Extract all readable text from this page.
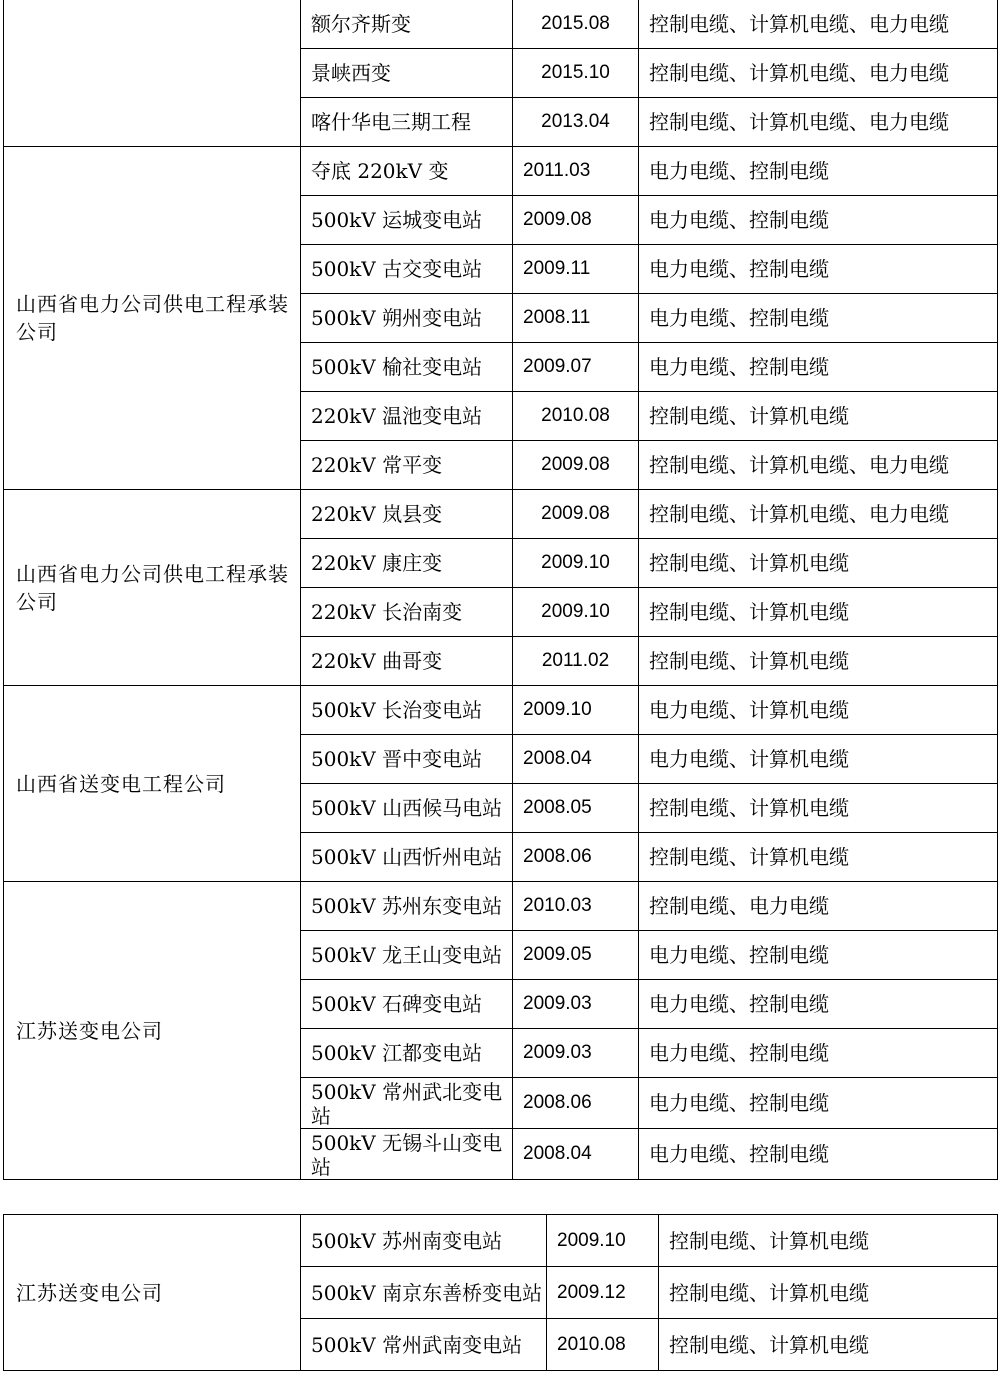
	额尔齐斯变	2015.08	控制电缆、计算机电缆、电力电缆
	景峡西变	2015.10	控制电缆、计算机电缆、电力电缆
	喀什华电三期工程	2013.04	控制电缆、计算机电缆、电力电缆
山西省电力公司供电工程承装公司	夺底 220kV 变	2011.03	电力电缆、控制电缆
	500kV 运城变电站	2009.08	电力电缆、控制电缆
	500kV 古交变电站	2009.11	电力电缆、控制电缆
	500kV 朔州变电站	2008.11	电力电缆、控制电缆
	500kV 榆社变电站	2009.07	电力电缆、控制电缆
	220kV 温池变电站	2010.08	控制电缆、计算机电缆
	220kV 常平变	2009.08	控制电缆、计算机电缆、电力电缆
山西省电力公司供电工程承装公司	220kV 岚县变	2009.08	控制电缆、计算机电缆、电力电缆
	220kV 康庄变	2009.10	控制电缆、计算机电缆
	220kV 长治南变	2009.10	控制电缆、计算机电缆
	220kV 曲哥变	2011.02	控制电缆、计算机电缆
山西省送变电工程公司	500kV 长治变电站	2009.10	电力电缆、计算机电缆
	500kV 晋中变电站	2008.04	电力电缆、计算机电缆
	500kV 山西候马电站	2008.05	控制电缆、计算机电缆
	500kV 山西忻州电站	2008.06	控制电缆、计算机电缆
江苏送变电公司	500kV 苏州东变电站	2010.03	控制电缆、电力电缆
	500kV 龙王山变电站	2009.05	电力电缆、控制电缆
	500kV 石碑变电站	2009.03	电力电缆、控制电缆
	500kV 江都变电站	2009.03	电力电缆、控制电缆
	500kV 常州武北变电站	2008.06	电力电缆、控制电缆
	500kV 无锡斗山变电站	2008.04	电力电缆、控制电缆
江苏送变电公司	500kV 苏州南变电站	2009.10	控制电缆、计算机电缆
	500kV 南京东善桥变电站	2009.12	控制电缆、计算机电缆
	500kV 常州武南变电站	2010.08	控制电缆、计算机电缆
